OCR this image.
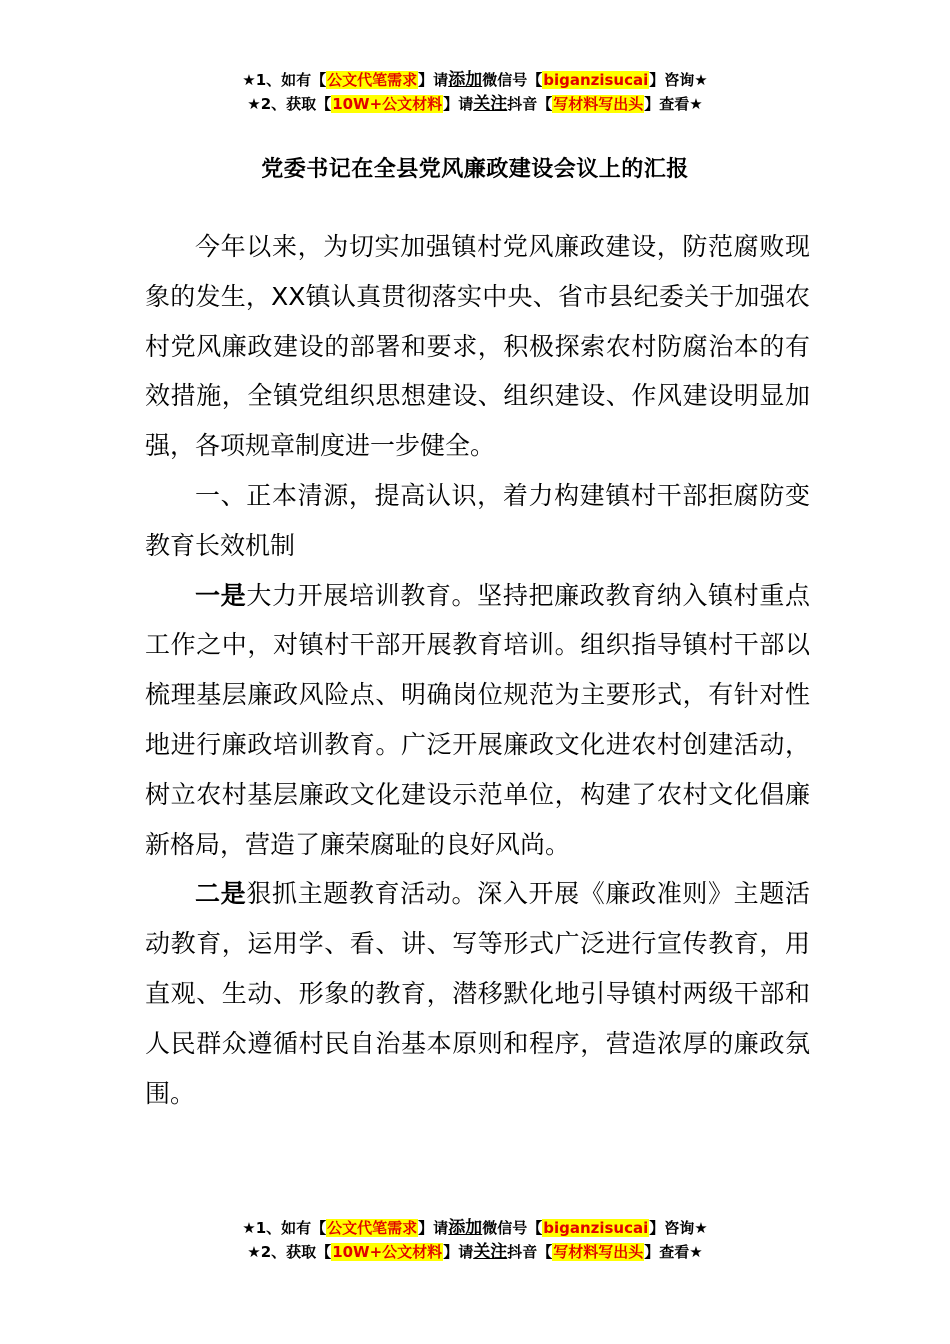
★1、如有【公文代笔需求】请添加微信号【biganzisucai】咨询★
★2、获取【10W+公文材料】请关注抖音【写材料写出头】查看★
党委书记在全县党风廉政建设会议上的汇报

今年以来，为切实加强镇村党风廉政建设，防范腐败现象的发生，XX镇认真贯彻落实中央、省市县纪委关于加强农村党风廉政建设的部署和要求，积极探索农村防腐治本的有效措施，全镇党组织思想建设、组织建设、作风建设明显加强，各项规章制度进一步健全。

一、正本清源，提高认识，着力构建镇村干部拒腐防变教育长效机制

一是大力开展培训教育。坚持把廉政教育纳入镇村重点工作之中，对镇村干部开展教育培训。组织指导镇村干部以梳理基层廉政风险点、明确岗位规范为主要形式，有针对性地进行廉政培训教育。广泛开展廉政文化进农村创建活动，树立农村基层廉政文化建设示范单位，构建了农村文化倡廉新格局，营造了廉荣腐耻的良好风尚。

二是狠抓主题教育活动。深入开展《廉政准则》主题活动教育，运用学、看、讲、写等形式广泛进行宣传教育，用直观、生动、形象的教育，潜移默化地引导镇村两级干部和人民群众遵循村民自治基本原则和程序，营造浓厚的廉政氛围。

★1、如有【公文代笔需求】请添加微信号【biganzisucai】咨询★
★2、获取【10W+公文材料】请关注抖音【写材料写出头】查看★
